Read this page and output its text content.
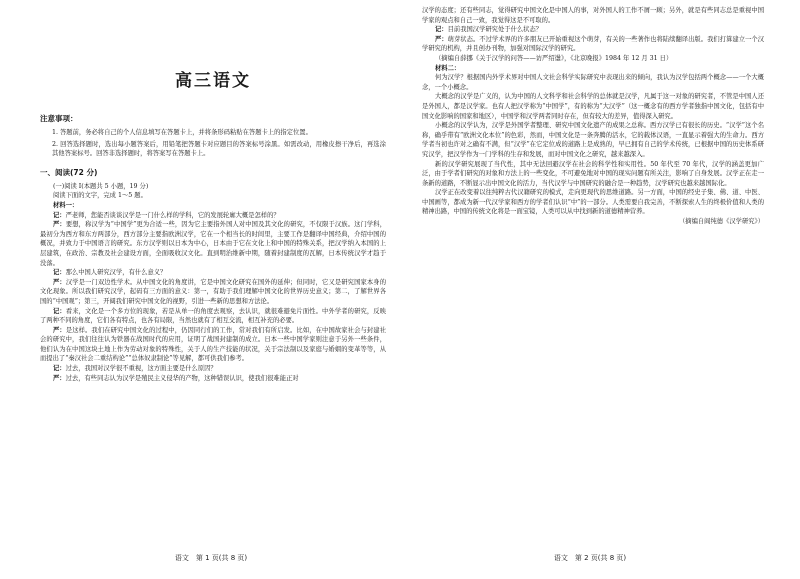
高三语文
注意事项：

1. 答题前，务必将自己的个人信息填写在答题卡上，并将条形码粘贴在答题卡上的指定位置。

2. 回答选择题时，选出每小题答案后，用铅笔把答题卡对应题目的答案标号涂黑。如需改动，用橡皮擦干净后，再选涂其他答案标号。回答非选择题时，将答案写在答题卡上。

一、阅读(72 分)

(一)阅读 I(本题共 5 小题，19 分)

阅读下面的文字，完成 1～5 题。

材料一：

记：严老师，您能否谈谈汉学是一门什么样的学科，它的发展轮廓大概是怎样的？

严：要想，称汉学为“中国学”更为合适一些，因为它主要指外国人对中国及其文化的研究，不仅限于汉族。这门学科，最初分为西方和东方两部分，西方部分主要指欧洲汉学，它在一个相当长的时间里，主要工作是翻译中国经典，介绍中国的概况，并致力于中国语言的研究。东方汉学则以日本为中心，日本由于它在文化上和中国的特殊关系，把汉学纳入本国的上层建筑，在政治、宗教及社会建设方面，全面吸收汉文化。直到明治维新中期，随着封建制度的瓦解，日本传统汉学才趋于没落。

记：那么中国人研究汉学，有什么意义？

严：汉学是一门双边性学术。从中国文化的角度讲，它是中国文化研究在国外的延伸；但同时，它又是研究国家本身的文化现象。所以我们研究汉学，起码有三方面的意义：第一，有助于我们理解中国文化的世界历史意义；第二，了解世界各国的“中国观”；第三，开阔我们研究中国文化的视野，引进一些新的思想和方法论。

记：看来，文化是一个多方位的现象，若是从单一的角度去观察，去认识，就很难避免片面性。中外学者的研究，反映了两种不同的角度，它们各有特点，也各有局限，当然也就有了相互交流，相互补充的必要。

严：是这样。我们在研究中国文化的过程中，仍因同行们的工作，常对我们有所启发。比如，在中国故家社会与封建社会的研究中，我们往往认为铁器在战国时代的应用，证明了战国封建制的成立。日本一些中国学家则注意于另外一些条件，他们认为在中国这块土地上作为劳动对象的特殊性，关于人的生产技能的状况，关于宗法制以及家庭与婚姻的变革等等，从而提出了“秦汉社会二重结构论”“总体奴隶制论”等见解，都可供我们参考。

记：过去，我国对汉学很不重视，这方面主要是什么原因？

严：过去，有些同志认为汉学是殖民主义侵华的产物，这种错误认识，使我们很难能正对

语文　第 1 页(共 8 页)

汉学的态度；还有些同志，觉得研究中国文化是中国人的事，对外国人的工作不屑一顾；另外，就是有些同志总是重视中国学家的观点和自己一致，我觉得这是不可取的。

记：目前我国汉学研究处于什么状态？

严：萌芽状态。不过学术界的许多朋友已开始重视这个萌芽，有关的一些著作也将陆续翻译出版。我们打算建立一个汉学研究的机构，并且创办刊物，加强对国际汉学的研究。

（摘编自薛挪《关于汉学的问答——访严绍璗》，《北京晚报》1984 年 12 月 31 日）

材料二：

何为汉学？根据国内外学术界对中国人文社会科学实际研究中表现出来的倾向，我认为汉学包括两个概念——一个大概念，一个小概念。

大概念的汉学是广义的，认为中国的人文科学和社会科学的总体就是汉学，凡属于这一对象的研究者，不管是中国人还是外国人，都是汉学家。也有人把汉学称为“中国学”，有的称为“大汉学”（这一概念有的西方学者独指中国文化，包括有中国文化影响的国家和地区），中国学和汉学两者同时存在，但有较大的差异，值得深入研究。

小概念的汉学认为，汉学是外国学者整理、研究中国文化遗产的成果之总称。西方汉学已有很长的历史。“汉学”这个名称，确乎带有“欧洲文化本位”的色彩，然而，中国文化是一条奔腾的活水，它的载体汉语，一直显示着强大的生命力。西方学者当初也许对之确有不满，但“汉学”在它定位成的道路上是成熟的，早已拥有自己的学术传统，已根据中国的历史体系研究汉学，把汉学作为一门学科的生存和发展，而对中国文化之研究，越来越深入。

新的汉学研究展现了当代性，其中无法回避汉学在社会的科学性和实用性。50 年代至 70 年代，汉学的涵盖更加广泛，由于学者们研究的对象和方法上的一些变化，不可避免地对中国的现实问题有所关注，影响了自身发展。汉学正在走一条新的道路，不断显示出中国文化的活力，当代汉学与中国研究的融合是一种趋势，汉学研究也越来越国际化。

汉学正在改变着以往纯粹古代汉籍研究的模式，走向更现代的思维道路。另一方面，中国的经史子集、佛、道、中医、中国画等，都成为新一代汉学家和西方的学者们认识“中”的一部分。人类需要自我完善，不断探索人生的终极价值和人类的精神出路，中国的传统文化将是一面宝镜，人类可以从中找到新的道德精神营养。

（摘编自阎纯德《汉学研究》）

语文　第 2 页(共 8 页)
